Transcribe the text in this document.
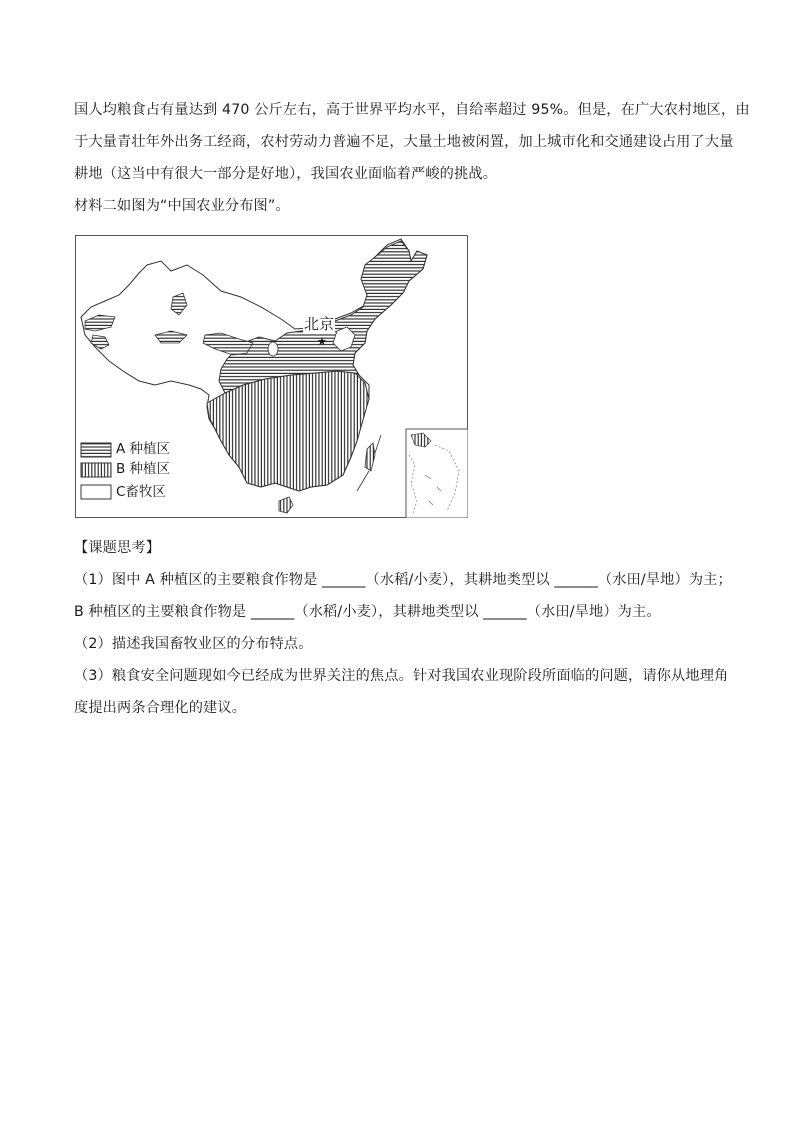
国人均粮食占有量达到 470 公斤左右，高于世界平均水平，自给率超过 95%。但是，在广大农村地区，由
于大量青壮年外出务工经商，农村劳动力普遍不足，大量土地被闲置，加上城市化和交通建设占用了大量
耕地（这当中有很大一部分是好地），我国农业面临着严峻的挑战。
材料二如图为“中国农业分布图”。
★
北京
A 种植区
B 种植区
C畜牧区
【课题思考】
（1）图中 A 种植区的主要粮食作物是 ______（水稻/小麦），其耕地类型以 ______（水田/旱地）为主；
B 种植区的主要粮食作物是 ______（水稻/小麦），其耕地类型以 ______（水田/旱地）为主。
（2）描述我国畜牧业区的分布特点。
（3）粮食安全问题现如今已经成为世界关注的焦点。针对我国农业现阶段所面临的问题，请你从地理角
度提出两条合理化的建议。
